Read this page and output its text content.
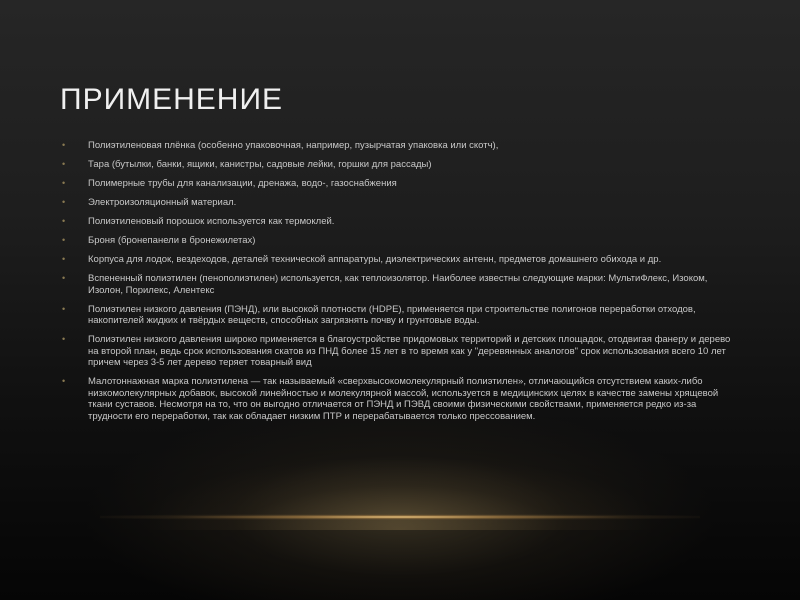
ПРИМЕНЕНИЕ
• Полиэтиленовая плёнка (особенно упаковочная, например, пузырчатая упаковка или скотч),
• Тара (бутылки, банки, ящики, канистры, садовые лейки, горшки для рассады)
• Полимерные трубы для канализации, дренажа, водо-, газоснабжения
• Электроизоляционный материал.
• Полиэтиленовый порошок используется как термоклей.
• Броня (бронепанели в бронежилетах)
• Корпуса для лодок, вездеходов, деталей технической аппаратуры, диэлектрических антенн, предметов домашнего обихода и др.
• Вспененный полиэтилен (пенополиэтилен) используется, как теплоизолятор. Наиболее известны следующие марки: МультиФлекс, Изоком, Изолон, Порилекс, Алентекс
• Полиэтилен низкого давления (ПЭНД), или высокой плотности (HDPE), применяется при строительстве полигонов переработки отходов, накопителей жидких и твёрдых веществ, способных загрязнять почву и грунтовые воды.
• Полиэтилен низкого давления широко применяется в благоустройстве придомовых территорий и детских площадок, отодвигая фанеру и дерево на второй план, ведь срок использования скатов из ПНД более 15 лет в то время как у "деревянных аналогов" срок использования всего 10 лет причем через 3-5 лет дерево теряет товарный вид
• Малотоннажная марка полиэтилена — так называемый «сверхвысокомолекулярный полиэтилен», отличающийся отсутствием каких-либо низкомолекулярных добавок, высокой линейностью и молекулярной массой, используется в медицинских целях в качестве замены хрящевой ткани суставов. Несмотря на то, что он выгодно отличается от ПЭНД и ПЭВД своими физическими свойствами, применяется редко из-за трудности его переработки, так как обладает низким ПТР и перерабатывается только прессованием.
